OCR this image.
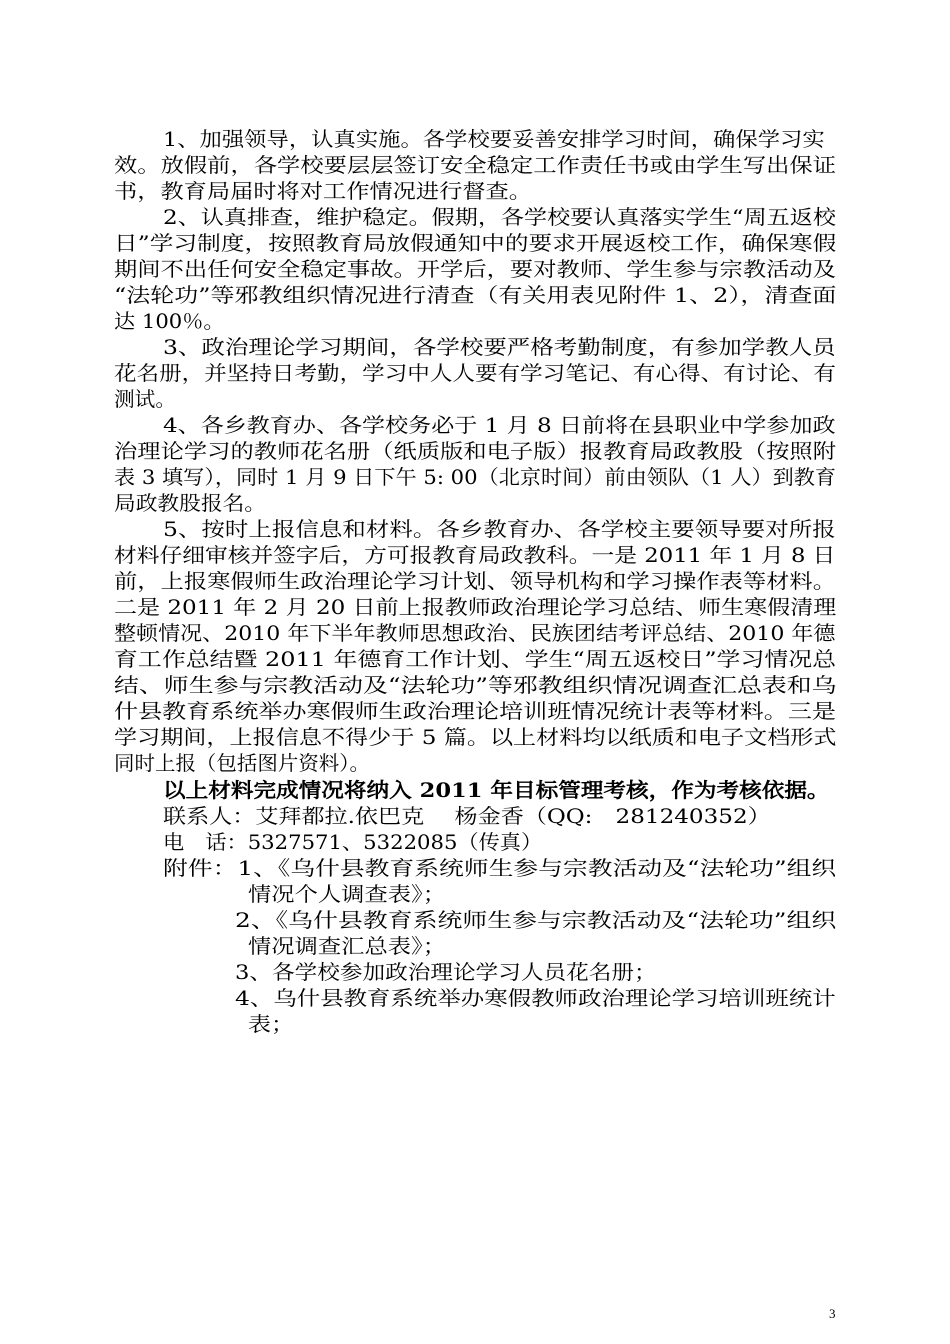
1、加强领导，认真实施。各学校要妥善安排学习时间，确保学习实
效。放假前，各学校要层层签订安全稳定工作责任书或由学生写出保证
书，教育局届时将对工作情况进行督查。
2、认真排查，维护稳定。假期，各学校要认真落实学生“周五返校
日”学习制度，按照教育局放假通知中的要求开展返校工作，确保寒假
期间不出任何安全稳定事故。开学后，要对教师、学生参与宗教活动及
“法轮功”等邪教组织情况进行清查（有关用表见附件 1、2），清查面
达 100％。
3、政治理论学习期间，各学校要严格考勤制度，有参加学教人员
花名册，并坚持日考勤，学习中人人要有学习笔记、有心得、有讨论、有
测试。
4、各乡教育办、各学校务必于 1 月 8 日前将在县职业中学参加政
治理论学习的教师花名册（纸质版和电子版）报教育局政教股（按照附
表 3 填写），同时 1 月 9 日下午 5: 00（北京时间）前由领队（1 人）到教育
局政教股报名。
5、按时上报信息和材料。各乡教育办、各学校主要领导要对所报
材料仔细审核并签字后，方可报教育局政教科。一是 2011 年 1 月 8 日
前，上报寒假师生政治理论学习计划、领导机构和学习操作表等材料。
二是 2011 年 2 月 20 日前上报教师政治理论学习总结、师生寒假清理
整顿情况、2010 年下半年教师思想政治、民族团结考评总结、2010 年德
育工作总结暨 2011 年德育工作计划、学生“周五返校日”学习情况总
结、师生参与宗教活动及“法轮功”等邪教组织情况调查汇总表和乌
什县教育系统举办寒假师生政治理论培训班情况统计表等材料。三是
学习期间，上报信息不得少于 5 篇。以上材料均以纸质和电子文档形式
同时上报（包括图片资料）。
以上材料完成情况将纳入 2011 年目标管理考核，作为考核依据。
联系人：艾拜都拉.依巴克　 杨金香（QQ:　281240352）
电　话：5327571、5322085（传真）
附件：1、《乌什县教育系统师生参与宗教活动及“法轮功”组织
情况个人调查表》；
2、《乌什县教育系统师生参与宗教活动及“法轮功”组织
情况调查汇总表》；
3、各学校参加政治理论学习人员花名册；
4、乌什县教育系统举办寒假教师政治理论学习培训班统计
表；
3
